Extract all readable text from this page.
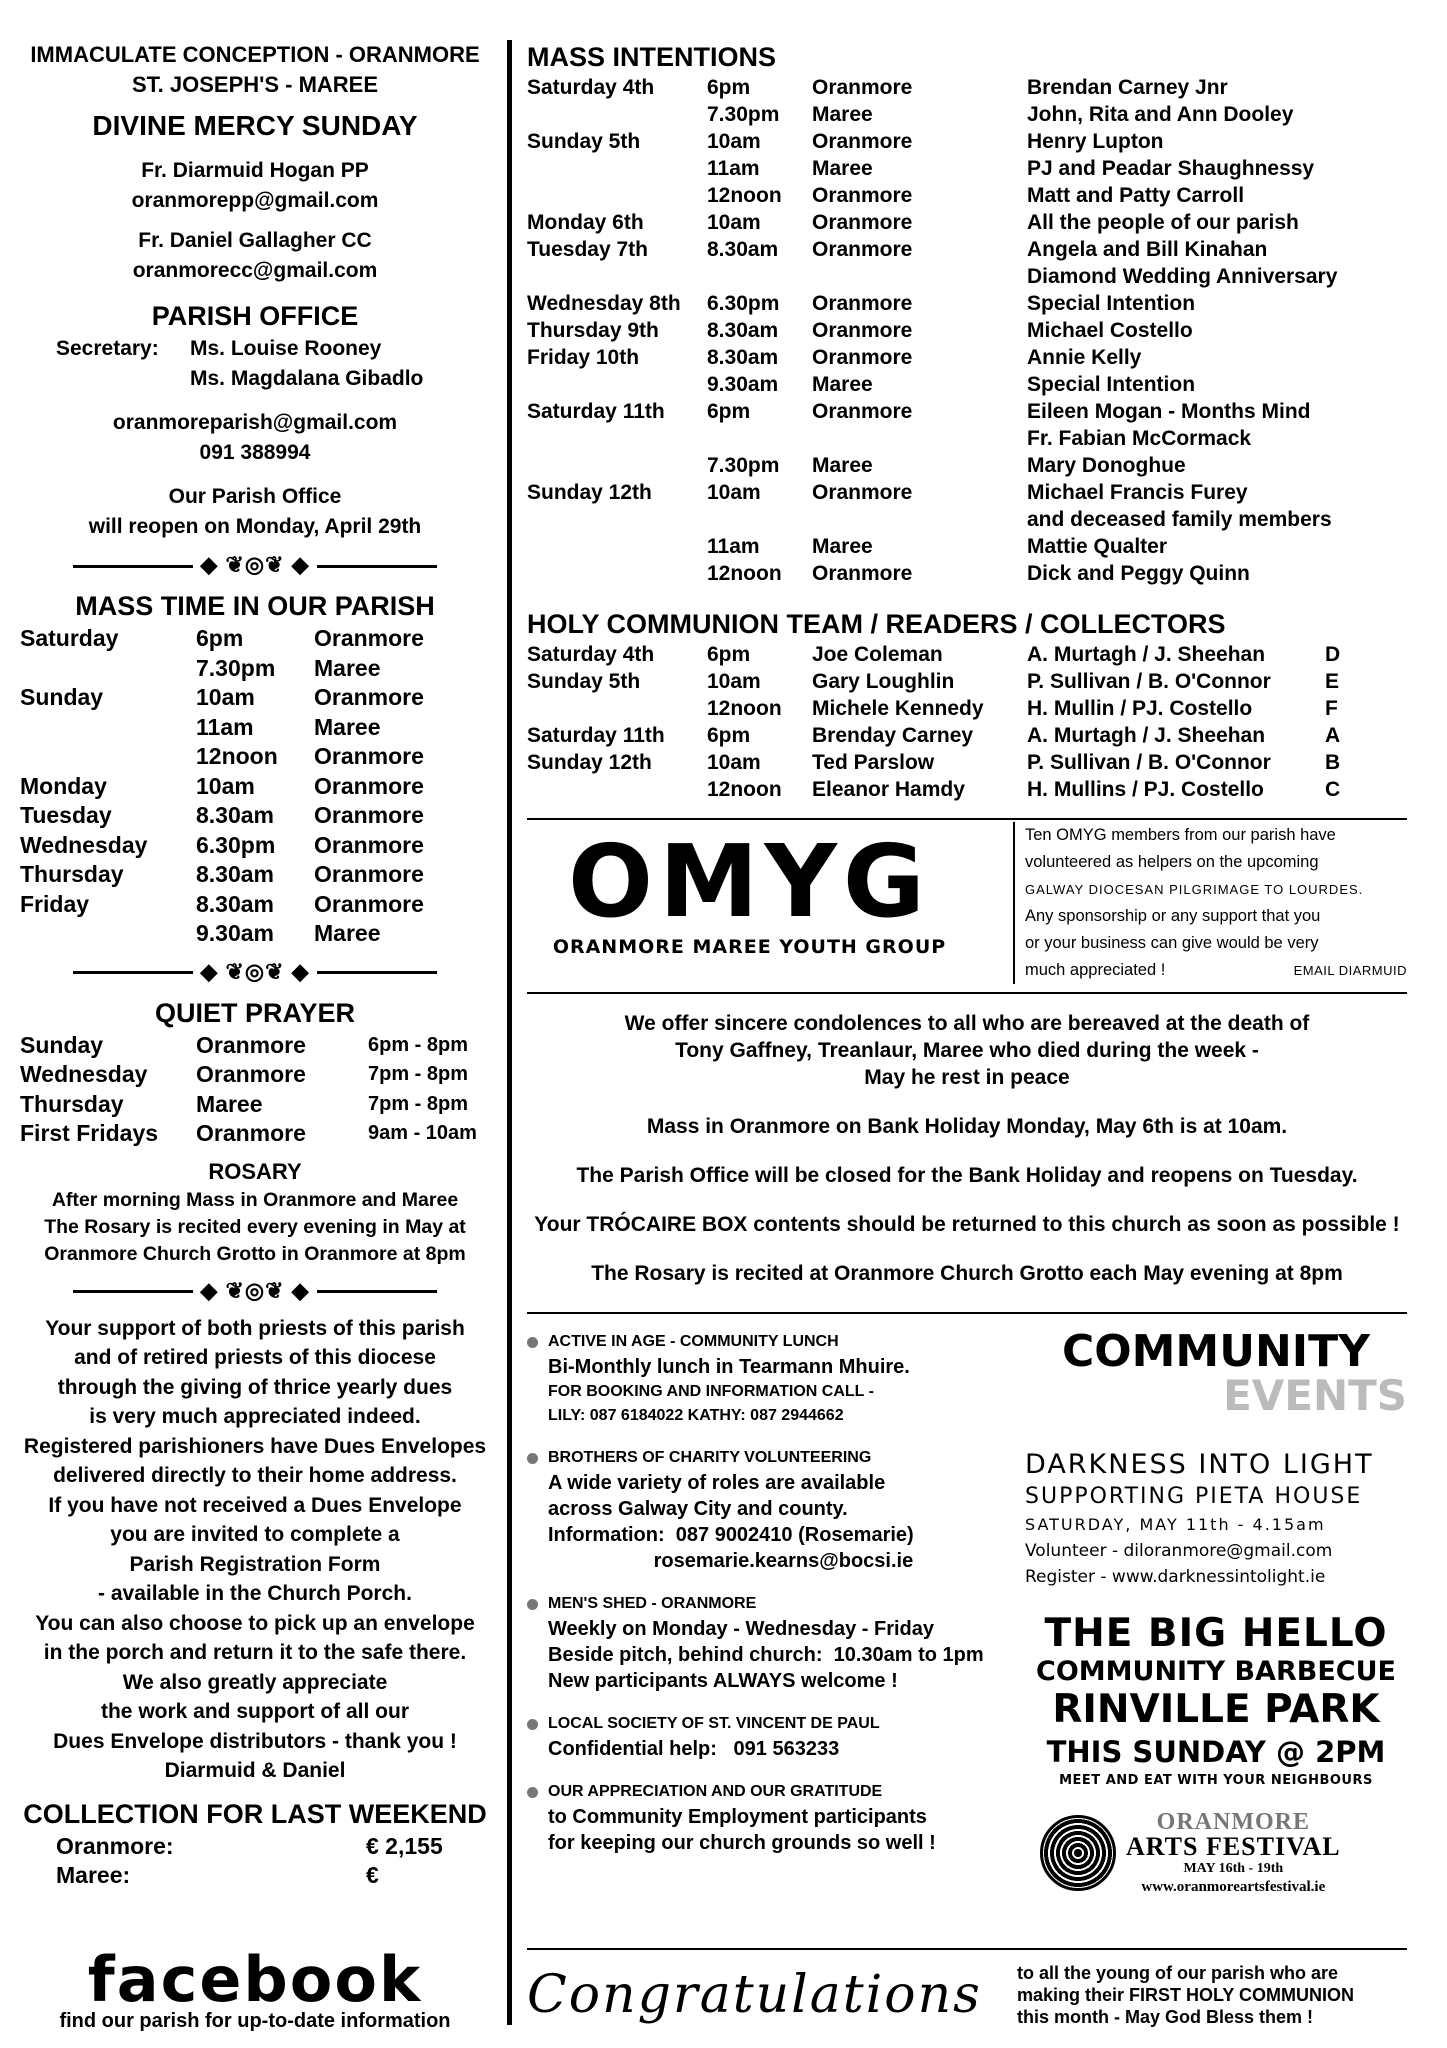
IMMACULATE CONCEPTION - ORANMORE
ST. JOSEPH'S - MAREE
DIVINE MERCY SUNDAY
Fr. Diarmuid Hogan PP
oranmorepp@gmail.com
Fr. Daniel Gallagher CC
oranmorecc@gmail.com
PARISH OFFICE
Secretary:	Ms. Louise Rooney
Ms. Magdalana Gibadlo
oranmoreparish@gmail.com
091 388994
Our Parish Office
will reopen on Monday, April 29th
◆ ❦◎❦ ◆
MASS TIME IN OUR PARISH
Saturday	6pm	Oranmore
7.30pm	Maree
Sunday	10am	Oranmore
11am	Maree
12noon	Oranmore
Monday	10am	Oranmore
Tuesday	8.30am	Oranmore
Wednesday	6.30pm	Oranmore
Thursday	8.30am	Oranmore
Friday	8.30am	Oranmore
9.30am	Maree
◆ ❦◎❦ ◆
QUIET PRAYER
Sunday	Oranmore	6pm - 8pm
Wednesday	Oranmore	7pm - 8pm
Thursday	Maree	7pm - 8pm
First Fridays	Oranmore	9am - 10am
ROSARY
After morning Mass in Oranmore and Maree
The Rosary is recited every evening in May at
Oranmore Church Grotto in Oranmore at 8pm
◆ ❦◎❦ ◆
Your support of both priests of this parish
and of retired priests of this diocese
through the giving of thrice yearly dues
is very much appreciated indeed.
Registered parishioners have Dues Envelopes
delivered directly to their home address.
If you have not received a Dues Envelope
you are invited to complete a
Parish Registration Form
- available in the Church Porch.
You can also choose to pick up an envelope
in the porch and return it to the safe there.
We also greatly appreciate
the work and support of all our
Dues Envelope distributors - thank you !
Diarmuid & Daniel
COLLECTION FOR LAST WEEKEND
Oranmore:	€ 2,155
Maree:	€
facebook
find our parish for up-to-date information
MASS INTENTIONS
Saturday 4th	6pm	Oranmore	Brendan Carney Jnr
7.30pm	Maree	John, Rita and Ann Dooley
Sunday 5th	10am	Oranmore	Henry Lupton
11am	Maree	PJ and Peadar Shaughnessy
12noon	Oranmore	Matt and Patty Carroll
Monday 6th	10am	Oranmore	All the people of our parish
Tuesday 7th	8.30am	Oranmore	Angela and Bill Kinahan
Diamond Wedding Anniversary
Wednesday 8th	6.30pm	Oranmore	Special Intention
Thursday 9th	8.30am	Oranmore	Michael Costello
Friday 10th	8.30am	Oranmore	Annie Kelly
9.30am	Maree	Special Intention
Saturday 11th	6pm	Oranmore	Eileen Mogan - Months Mind
Fr. Fabian McCormack
7.30pm	Maree	Mary Donoghue
Sunday 12th	10am	Oranmore	Michael Francis Furey
and deceased family members
11am	Maree	Mattie Qualter
12noon	Oranmore	Dick and Peggy Quinn
HOLY COMMUNION TEAM / READERS / COLLECTORS
Saturday 4th	6pm	Joe Coleman	A. Murtagh / J. Sheehan	D
Sunday 5th	10am	Gary Loughlin	P. Sullivan / B. O'Connor	E
12noon	Michele Kennedy	H. Mullin / PJ. Costello	F
Saturday 11th	6pm	Brenday Carney	A. Murtagh / J. Sheehan	A
Sunday 12th	10am	Ted Parslow	P. Sullivan / B. O'Connor	B
12noon	Eleanor Hamdy	H. Mullins / PJ. Costello	C
OMYG
ORANMORE MAREE YOUTH GROUP
Ten OMYG members from our parish have
volunteered as helpers on the upcoming
GALWAY DIOCESAN PILGRIMAGE TO LOURDES.
Any sponsorship or any support that you
or your business can give would be very
much appreciated !	EMAIL DIARMUID

We offer sincere condolences to all who are bereaved at the death of

Tony Gaffney, Treanlaur, Maree who died during the week -

May he rest in peace

Mass in Oranmore on Bank Holiday Monday, May 6th is at 10am.

The Parish Office will be closed for the Bank Holiday and reopens on Tuesday.

Your TRÓCAIRE BOX contents should be returned to this church as soon as possible !

The Rosary is recited at Oranmore Church Grotto each May evening at 8pm

ACTIVE IN AGE - COMMUNITY LUNCH
Bi-Monthly lunch in Tearmann Mhuire.
FOR BOOKING AND INFORMATION CALL -
LILY: 087 6184022 KATHY: 087 2944662
BROTHERS OF CHARITY VOLUNTEERING
A wide variety of roles are available
across Galway City and county.
Information:  087 9002410 (Rosemarie)
rosemarie.kearns@bocsi.ie
MEN'S SHED - ORANMORE
Weekly on Monday - Wednesday - Friday
Beside pitch, behind church:  10.30am to 1pm
New participants ALWAYS welcome !
LOCAL SOCIETY OF ST. VINCENT DE PAUL
Confidential help:   091 563233
OUR APPRECIATION AND OUR GRATITUDE
to Community Employment participants
for keeping our church grounds so well !
COMMUNITY
EVENTS
DARKNESS INTO LIGHT
SUPPORTING PIETA HOUSE
SATURDAY, MAY 11th - 4.15am
Volunteer - diloranmore@gmail.com
Register - www.darknessintolight.ie
THE BIG HELLO
COMMUNITY BARBECUE
RINVILLE PARK
THIS SUNDAY @ 2PM
MEET AND EAT WITH YOUR NEIGHBOURS
ORANMORE
ARTS FESTIVAL
MAY 16th - 19th
www.oranmoreartsfestival.ie
Congratulations	to all the young of our parish who are
making their FIRST HOLY COMMUNION
this month - May God Bless them !
